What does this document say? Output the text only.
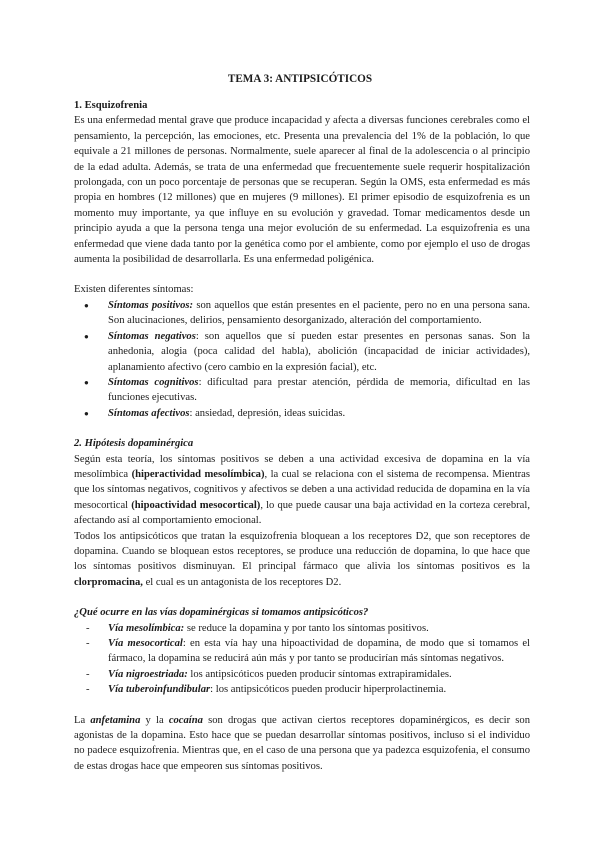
TEMA 3: ANTIPSICÓTICOS
1. Esquizofrenia

Es una enfermedad mental grave que produce incapacidad y afecta a diversas funciones cerebrales como el pensamiento, la percepción, las emociones, etc. Presenta una prevalencia del 1% de la población, lo que equivale a 21 millones de personas. Normalmente, suele aparecer al final de la adolescencia o al principio de la edad adulta. Además, se trata de una enfermedad que frecuentemente suele requerir hospitalización prolongada, con un poco porcentaje de personas que se recuperan. Según la OMS, esta enfermedad es más propia en hombres (12 millones) que en mujeres (9 millones). El primer episodio de esquizofrenia es un momento muy importante, ya que influye en su evolución y gravedad. Tomar medicamentos desde un principio ayuda a que la persona tenga una mejor evolución de su enfermedad. La esquizofrenia es una enfermedad que viene dada tanto por la genética como por el ambiente, como por ejemplo el uso de drogas aumenta la posibilidad de desarrollarla. Es una enfermedad poligénica.

Existen diferentes síntomas:

● Síntomas positivos: son aquellos que están presentes en el paciente, pero no en una persona sana. Son alucinaciones, delirios, pensamiento desorganizado, alteración del comportamiento.
● Síntomas negativos: son aquellos que sí pueden estar presentes en personas sanas. Son la anhedonia, alogia (poca calidad del habla), abolición (incapacidad de iniciar actividades), aplanamiento afectivo (cero cambio en la expresión facial), etc.
● Síntomas cognitivos: dificultad para prestar atención, pérdida de memoria, dificultad en las funciones ejecutivas.
● Síntomas afectivos: ansiedad, depresión, ideas suicidas.
2. Hipótesis dopaminérgica

Según esta teoría, los síntomas positivos se deben a una actividad excesiva de dopamina en la vía mesolímbica (hiperactividad mesolímbica), la cual se relaciona con el sistema de recompensa. Mientras que los síntomas negativos, cognitivos y afectivos se deben a una actividad reducida de dopamina en la vía mesocortical (hipoactividad mesocortical), lo que puede causar una baja actividad en la corteza cerebral, afectando así al comportamiento emocional.

Todos los antipsicóticos que tratan la esquizofrenia bloquean a los receptores D2, que son receptores de dopamina. Cuando se bloquean estos receptores, se produce una reducción de dopamina, lo que hace que los síntomas positivos disminuyan. El principal fármaco que alivia los síntomas positivos es la clorpromacina, el cual es un antagonista de los receptores D2.

¿Qué ocurre en las vías dopaminérgicas si tomamos antipsicóticos?
- Vía mesolímbica: se reduce la dopamina y por tanto los síntomas positivos.
- Vía mesocortical: en esta vía hay una hipoactividad de dopamina, de modo que si tomamos el fármaco, la dopamina se reducirá aún más y por tanto se producirían más síntomas negativos.
- Vía nigroestriada: los antipsicóticos pueden producir síntomas extrapiramidales.
- Vía tuberoinfundibular: los antipsicóticos pueden producir hiperprolactinemia.

La anfetamina y la cocaína son drogas que activan ciertos receptores dopaminérgicos, es decir son agonistas de la dopamina. Esto hace que se puedan desarrollar síntomas positivos, incluso si el individuo no padece esquizofrenia. Mientras que, en el caso de una persona que ya padezca esquizofenia, el consumo de estas drogas hace que empeoren sus síntomas positivos.
